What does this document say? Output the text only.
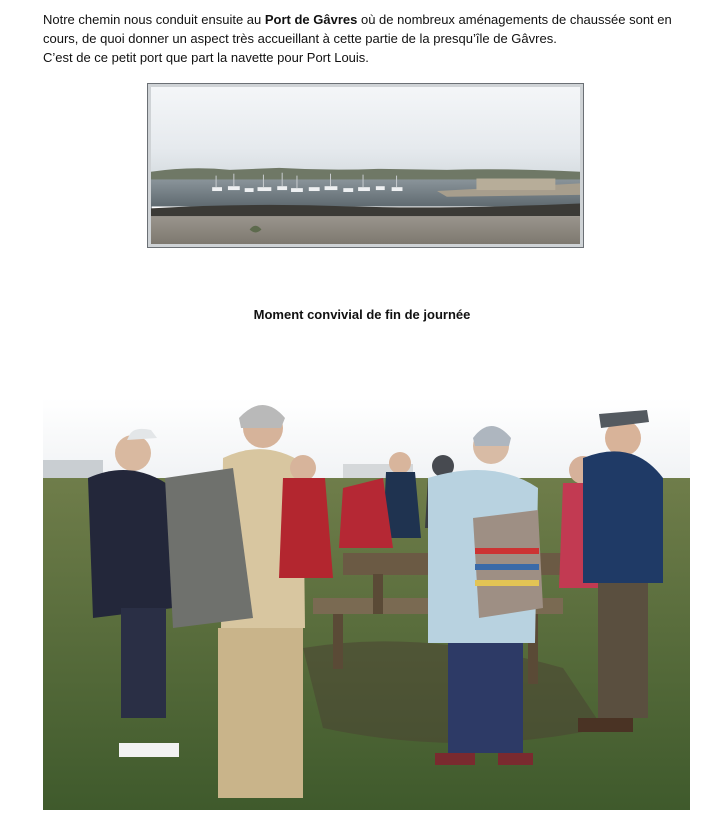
Notre chemin nous conduit ensuite au Port de Gâvres où de nombreux aménagements de chaussée sont en cours, de quoi donner un aspect très accueillant à cette partie de la presqu’île de Gâvres.

C’est de ce petit port que part la navette pour Port Louis.

Moment convivial de fin de journée
